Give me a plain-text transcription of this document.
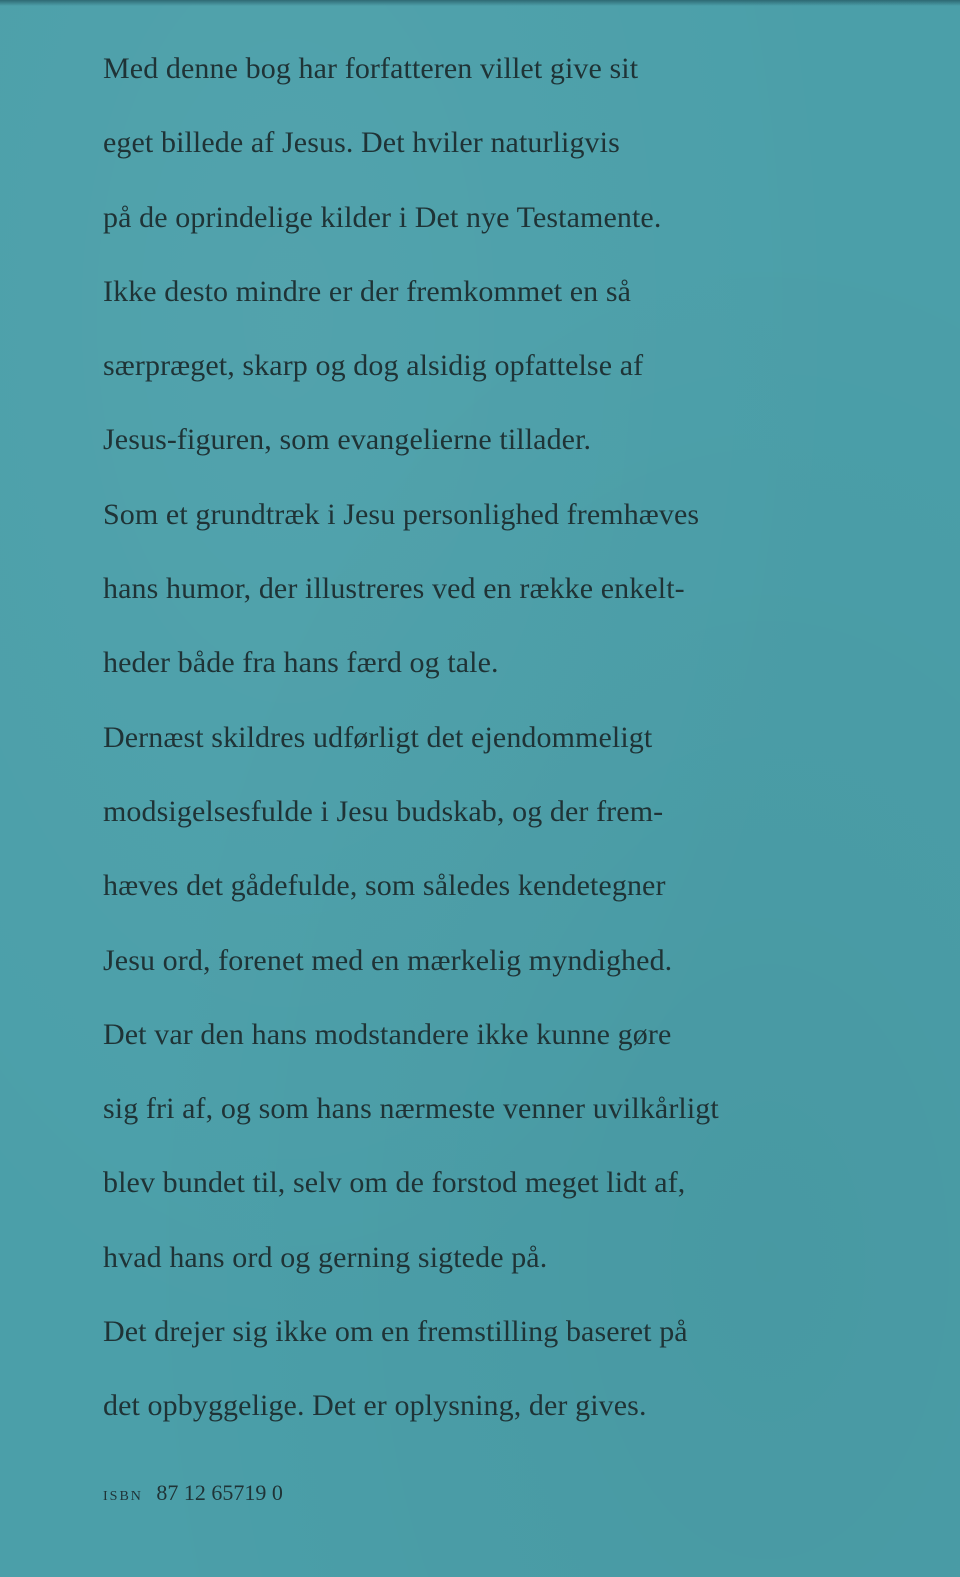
Med denne bog har forfatteren villet give sit
eget billede af Jesus. Det hviler naturligvis
på de oprindelige kilder i Det nye Testamente.
Ikke desto mindre er der fremkommet en så
særpræget, skarp og dog alsidig opfattelse af
Jesus-figuren, som evangelierne tillader.
Som et grundtræk i Jesu personlighed fremhæves
hans humor, der illustreres ved en række enkelt-
heder både fra hans færd og tale.
Dernæst skildres udførligt det ejendommeligt
modsigelsesfulde i Jesu budskab, og der frem-
hæves det gådefulde, som således kendetegner
Jesu ord, forenet med en mærkelig myndighed.
Det var den hans modstandere ikke kunne gøre
sig fri af, og som hans nærmeste venner uvilkårligt
blev bundet til, selv om de forstod meget lidt af,
hvad hans ord og gerning sigtede på.
Det drejer sig ikke om en fremstilling baseret på
det opbyggelige. Det er oplysning, der gives.
ISBN 87 12 65719 0
